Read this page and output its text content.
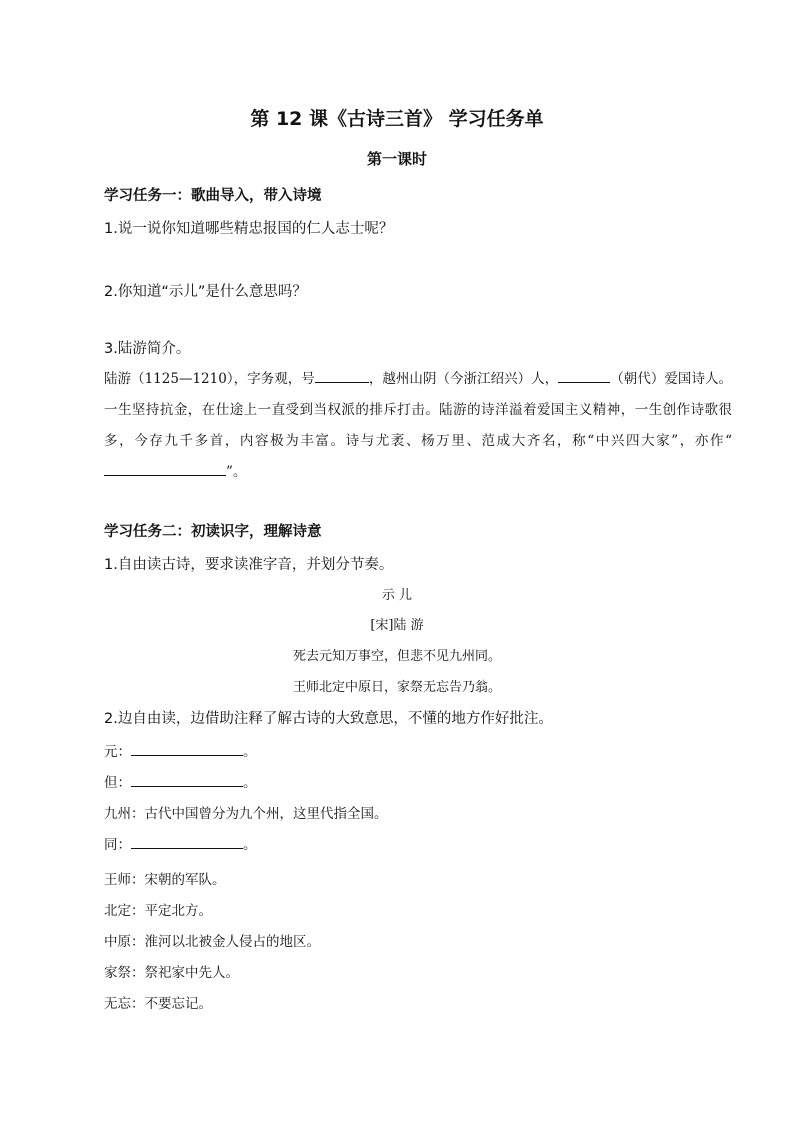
第 12 课《古诗三首》 学习任务单
第一课时
学习任务一：歌曲导入，带入诗境
1.说一说你知道哪些精忠报国的仁人志士呢？
2.你知道“示儿”是什么意思吗？
3.陆游简介。
陆游（1125—1210），字务观，号	，越州山阴（今浙江绍兴）人，	（朝代）爱国诗人。一生坚持抗金，在仕途上一直受到当权派的排斥打击。陆游的诗洋溢着爱国主义精神，一生创作诗歌很多，今存九千多首，内容极为丰富。诗与尤袤、杨万里、范成大齐名，称“中兴四大家”，亦作“”。
学习任务二：初读识字，理解诗意
1.自由读古诗，要求读准字音，并划分节奏。
示 儿
[宋]陆 游
死去元知万事空，但悲不见九州同。
王师北定中原日，家祭无忘告乃翁。
2.边自由读，边借助注释了解古诗的大致意思，不懂的地方作好批注。
元：	。
但：	。
九州：古代中国曾分为九个州，这里代指全国。
同：	。
王师：宋朝的军队。
北定：平定北方。
中原：淮河以北被金人侵占的地区。
家祭：祭祀家中先人。
无忘：不要忘记。
